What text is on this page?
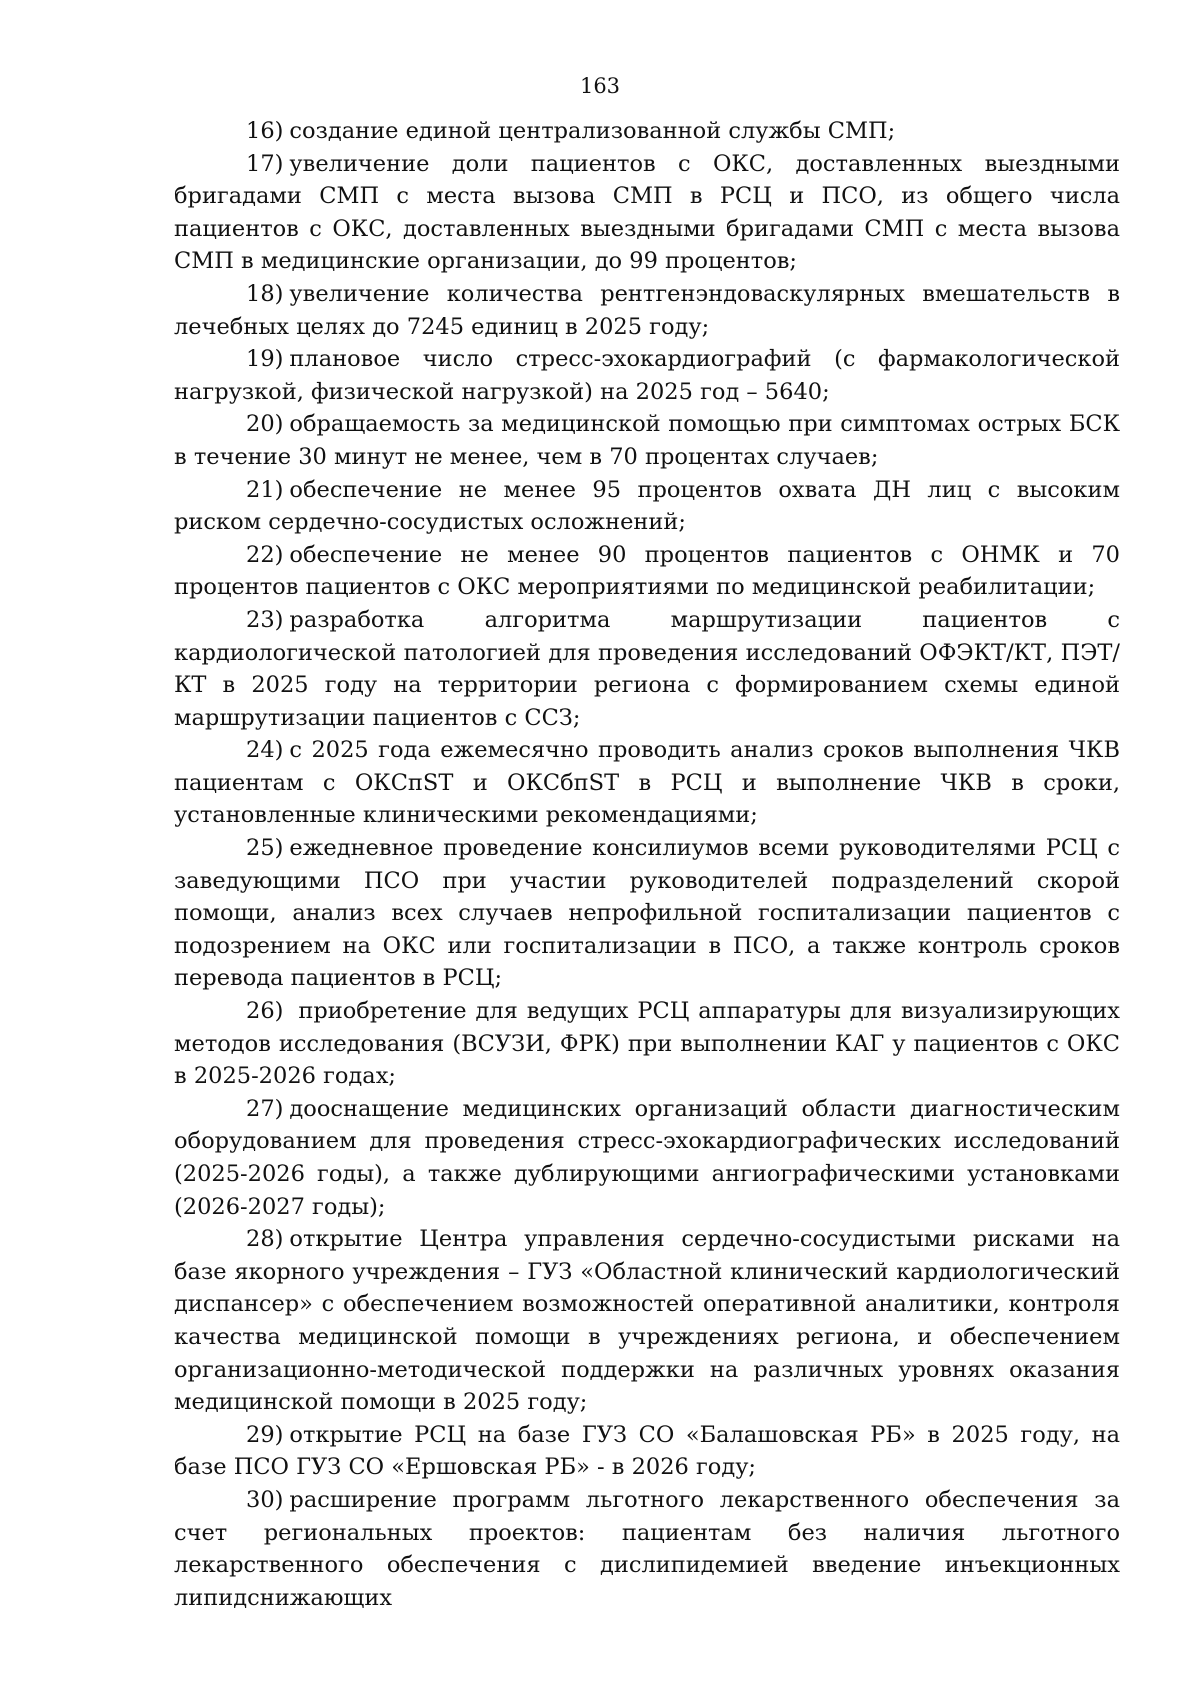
163

16) создание единой централизованной службы СМП;

17) увеличение доли пациентов с ОКС, доставленных выездными бригадами СМП с места вызова СМП в РСЦ и ПСО, из общего числа пациентов с ОКС, доставленных выездными бригадами СМП с места вызова СМП в медицинские организации, до 99 процентов;

18) увеличение количества рентгенэндоваскулярных вмешательств в лечебных целях до 7245 единиц в 2025 году;

19) плановое число стресс-эхокардиографий (с фармакологической нагрузкой, физической нагрузкой) на 2025 год – 5640;

20) обращаемость за медицинской помощью при симптомах острых БСК в течение 30 минут не менее, чем в 70 процентах случаев;

21) обеспечение не менее 95 процентов охвата ДН лиц с высоким риском сердечно-сосудистых осложнений;

22) обеспечение не менее 90 процентов пациентов с ОНМК и 70 процентов пациентов с ОКС мероприятиями по медицинской реабилитации;

23) разработка алгоритма маршрутизации пациентов с кардиологической патологией для проведения исследований ОФЭКТ/КТ, ПЭТ/КТ в 2025 году на территории региона с формированием схемы единой маршрутизации пациентов с ССЗ;

24) с 2025 года ежемесячно проводить анализ сроков выполнения ЧКВ пациентам с ОКСпST и ОКСбпST в РСЦ и выполнение ЧКВ в сроки, установленные клиническими рекомендациями;

25) ежедневное проведение консилиумов всеми руководителями РСЦ с заведующими ПСО при участии руководителей подразделений скорой помощи, анализ всех случаев непрофильной госпитализации пациентов с подозрением на ОКС или госпитализации в ПСО, а также контроль сроков перевода пациентов в РСЦ;

26) приобретение для ведущих РСЦ аппаратуры для визуализирующих методов исследования (ВСУЗИ, ФРК) при выполнении КАГ у пациентов с ОКС в 2025-2026 годах;

27) дооснащение медицинских организаций области диагностическим оборудованием для проведения стресс-эхокардиографических исследований (2025-2026 годы), а также дублирующими ангиографическими установками (2026-2027 годы);

28) открытие Центра управления сердечно-сосудистыми рисками на базе якорного учреждения – ГУЗ «Областной клинический кардиологический диспансер» с обеспечением возможностей оперативной аналитики, контроля качества медицинской помощи в учреждениях региона, и обеспечением организационно-методической поддержки на различных уровнях оказания медицинской помощи в 2025 году;

29) открытие РСЦ на базе ГУЗ СО «Балашовская РБ» в 2025 году, на базе ПСО ГУЗ СО «Ершовская РБ» - в 2026 году;

30) расширение программ льготного лекарственного обеспечения за счет региональных проектов: пациентам без наличия льготного лекарственного обеспечения с дислипидемией введение инъекционных липидснижающих
